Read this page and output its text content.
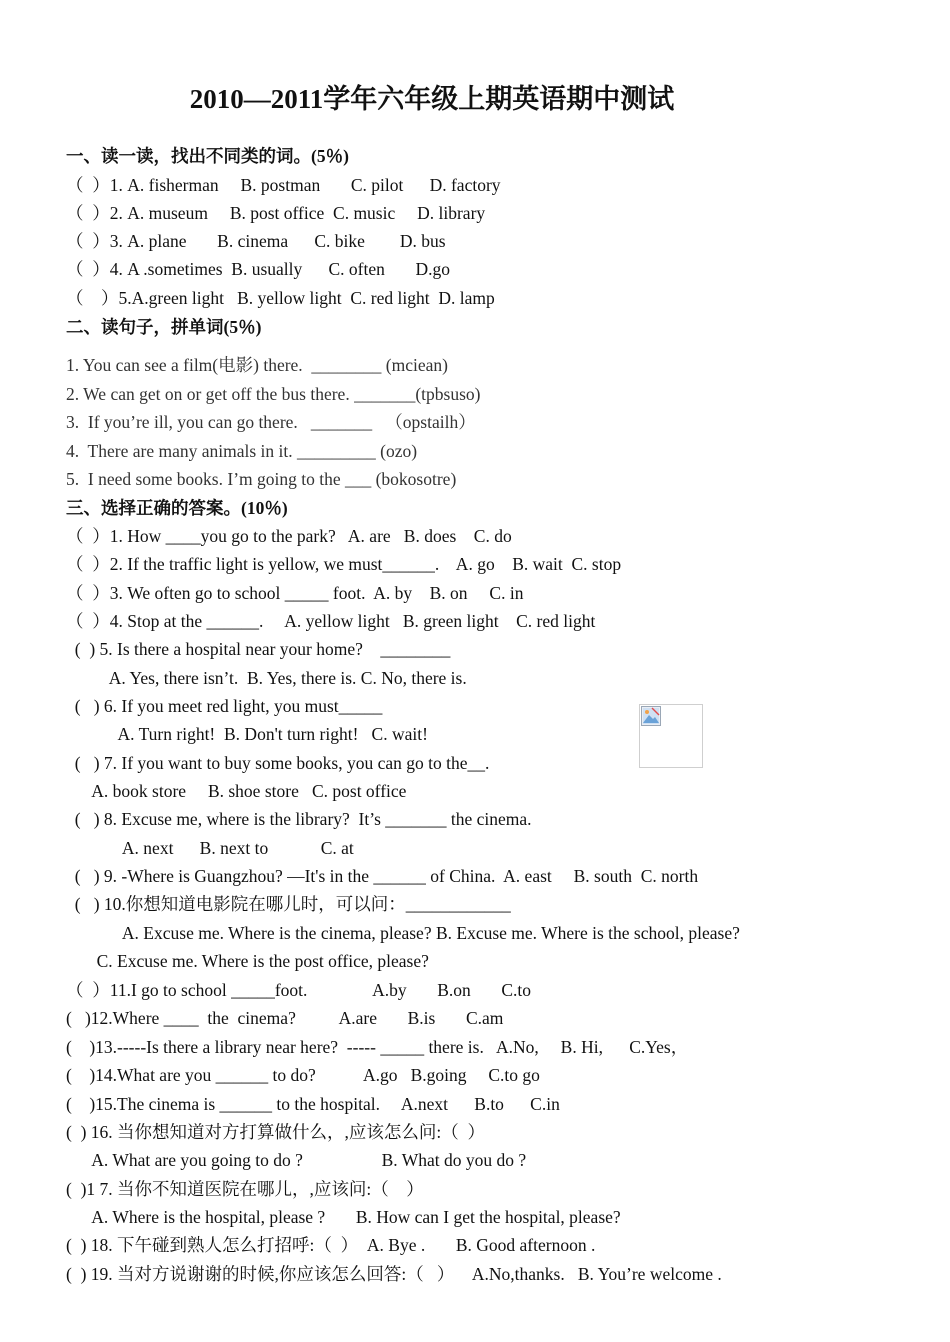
2010—2011学年六年级上期英语期中测试
一、读一读，找出不同类的词。(5％)
（  ）1. A. fisherman     B. postman       C. pilot      D. factory
（  ）2. A. museum     B. post office  C. music     D. library
（  ）3. A. plane       B. cinema      C. bike        D. bus
（  ）4. A .sometimes  B. usually      C. often       D.go
（    ）5.A.green light   B. yellow light  C. red light  D. lamp
二、读句子，拼单词(5％)
1. You can see a film(电影) there.  ________ (mciean)
2. We can get on or get off the bus there. _______(tpbsuso)
3.  If you’re ill, you can go there.   _______   （opstailh）
4.  There are many animals in it. _________ (ozo)
5.  I need some books. I’m going to the ___ (bokosotre)
三、选择正确的答案。(10％)
（  ）1. How ____you go to the park?   A. are   B. does    C. do
（  ）2. If the traffic light is yellow, we must______.    A. go    B. wait  C. stop
（  ）3. We often go to school _____ foot.  A. by    B. on     C. in
（  ）4. Stop at the ______.     A. yellow light   B. green light    C. red light
(  ) 5. Is there a hospital near your home?    ________
A. Yes, there isn’t.  B. Yes, there is. C. No, there is.
(   ) 6. If you meet red light, you must_____
A. Turn right!  B. Don't turn right!   C. wait!
(   ) 7. If you want to buy some books, you can go to the__.
A. book store     B. shoe store   C. post office
(   ) 8. Excuse me, where is the library?  It’s _______ the cinema.
A. next      B. next to            C. at
(   ) 9. -Where is Guangzhou? —It's in the ______ of China.  A. east     B. south  C. north
(   ) 10.你想知道电影院在哪儿时，可以问：____________
A. Excuse me. Where is the cinema, please? B. Excuse me. Where is the school, please?
C. Excuse me. Where is the post office, please?
（  ）11.I go to school _____foot.               A.by       B.on       C.to
(   )12.Where ____  the  cinema?          A.are       B.is       C.am
(    )13.-----Is there a library near here?  ----- _____ there is.   A.No,     B. Hi,      C.Yes，
(    )14.What are you ______ to do?           A.go   B.going     C.to go
(    )15.The cinema is ______ to the hospital.     A.next      B.to      C.in
(  ) 16. 当你想知道对方打算做什么，,应该怎么问:（  ）
A. What are you going to do ?                  B. What do you do ?
(  )1 7. 当你不知道医院在哪儿，,应该问:（    ）
A. Where is the hospital, please ?       B. How can I get the hospital, please?
(  ) 18. 下午碰到熟人怎么打招呼:（  ）  A. Bye .       B. Good afternoon .
(  ) 19. 当对方说谢谢的时候,你应该怎么回答:（   ）    A.No,thanks.   B. You’re welcome .
